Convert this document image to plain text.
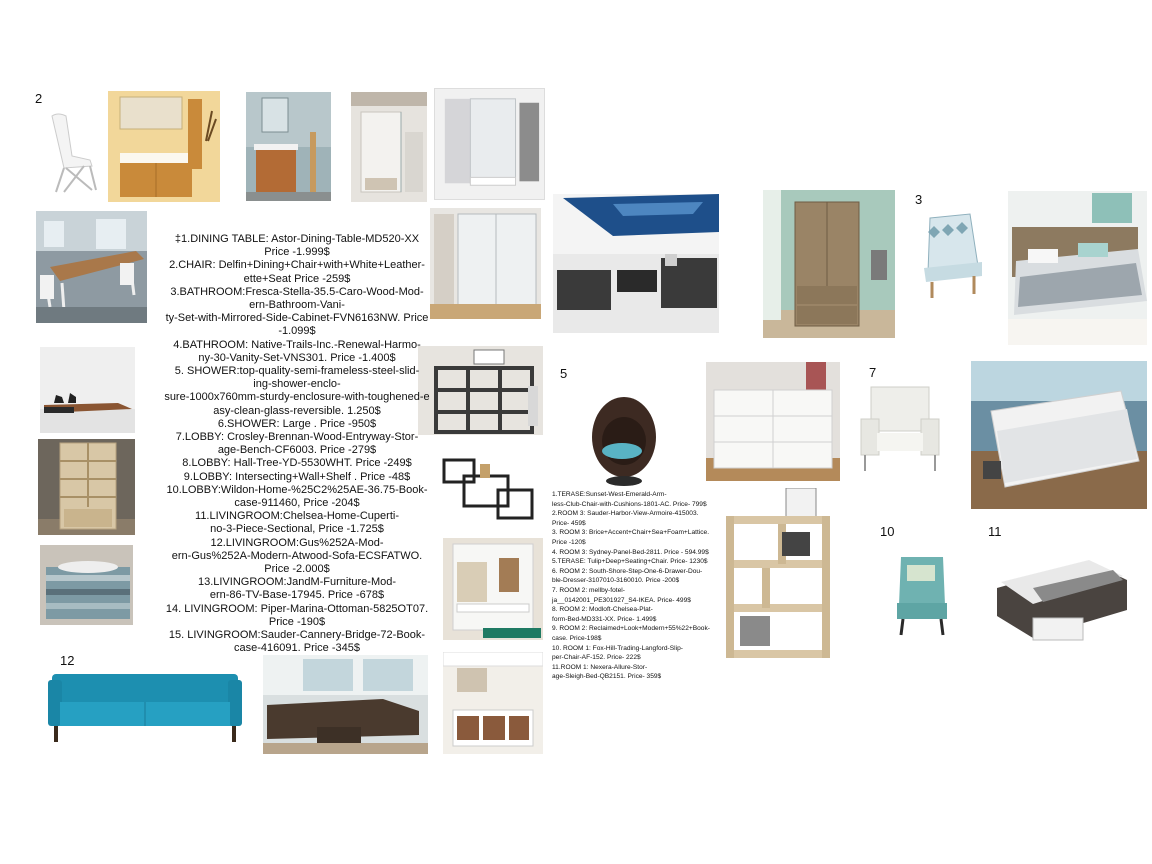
2
12
‡1.DINING TABLE: Astor-Dining-Table-MD520-XX
Price -1.999$
2.CHAIR: Delfin+Dining+Chair+with+White+Leather-
ette+Seat Price -259$
3.BATHROOM:Fresca-Stella-35.5-Caro-Wood-Mod-
ern-Bathroom-Vani-
ty-Set-with-Mirrored-Side-Cabinet-FVN6163NW. Price
-1.099$
4.BATHROOM: Native-Trails-Inc.-Renewal-Harmo-
ny-30-Vanity-Set-VNS301. Price -1.400$
5. SHOWER:top-quality-semi-frameless-steel-slid-
ing-shower-enclo-
sure-1000x760mm-sturdy-enclosure-with-toughened-e
asy-clean-glass-reversible. 1.250$
6.SHOWER: Large . Price -950$
7.LOBBY: Crosley-Brennan-Wood-Entryway-Stor-
age-Bench-CF6003. Price -279$
8.LOBBY: Hall-Tree-YD-5530WHT. Price -249$
9.LOBBY: Intersecting+Wall+Shelf . Price -48$
10.LOBBY:Wildon-Home-%25C2%25AE-36.75-Book-
case-911460, Price -204$
11.LIVINGROOM:Chelsea-Home-Cuperti-
no-3-Piece-Sectional, Price -1.725$
12.LIVINGROOM:Gus%252A-Mod-
ern-Gus%252A-Modern-Atwood-Sofa-ECSFATWO.
Price -2.000$
13.LIVINGROOM:JandM-Furniture-Mod-
ern-86-TV-Base-17945. Price -678$
14. LIVINGROOM: Piper-Marina-Ottoman-5825OT07.
Price -190$
15. LIVINGROOM:Sauder-Cannery-Bridge-72-Book-
case-416091. Price -345$
3
5	7
10	11
1.TERASE:Sunset-West-Emerald-Arm-
less-Club-Chair-with-Cushions-1801-AC. Price- 799$
2.ROOM 3: Sauder-Harbor-View-Armoire-415003.
Price- 459$
3. ROOM 3: Brice+Accent+Chair+Sea+Foam+Lattice.
Price -120$
4. ROOM 3: Sydney-Panel-Bed-2811. Price - 594.99$
5.TERASE: Tulip+Deep+Seating+Chair. Price- 1230$
6. ROOM 2: South-Shore-Step-One-6-Drawer-Dou-
ble-Dresser-3107010-3160010. Price -200$
7. ROOM 2: mellby-fotel-
ja__0142001_PE301927_S4-IKEA. Price- 499$
8. ROOM 2: Modloft-Chelsea-Plat-
form-Bed-MD331-XX. Price- 1.499$
9. ROOM 2: Reclaimed+Look+Modern+55%22+Book-
case. Price-198$
10. ROOM 1: Fox-Hill-Trading-Langford-Slip-
per-Chair-AF-152. Price- 222$
11.ROOM 1: Nexera-Allure-Stor-
age-Sleigh-Bed-QB2151. Price- 359$
